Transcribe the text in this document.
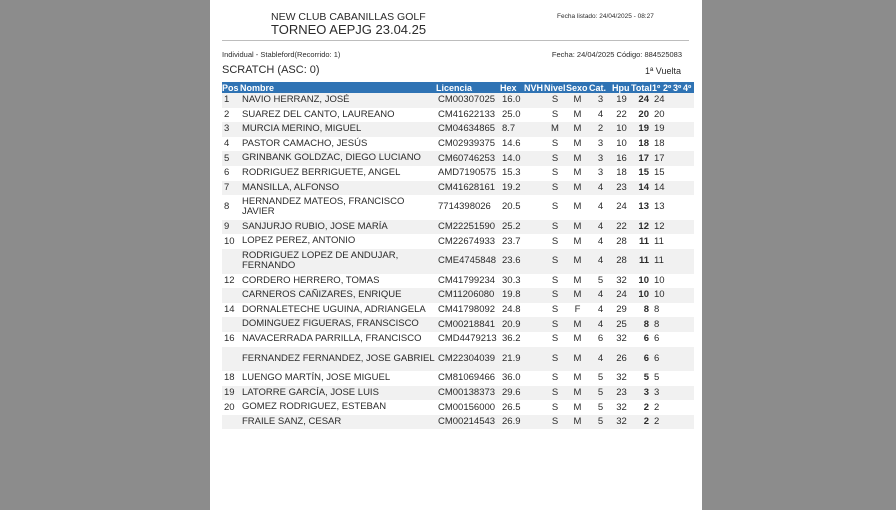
NEW CLUB CABANILLAS GOLF
TORNEO AEPJG 23.04.25
Fecha listado: 24/04/2025 - 08:27
Individual - Stableford(Recorrido: 1)	Fecha: 24/04/2025 Código: 884525083
SCRATCH (ASC: 0)	1ª Vuelta
Pos	Nombre	Licencia	Hex	NVH	Nivel	Sexo	Cat.	Hpu	Total	1º	2º	3º	4º
1	NAVIO HERRANZ, JOSÉ	CM00307025	16.0		S	M	3	19	24	24			
2	SUAREZ DEL CANTO, LAUREANO	CM41622133	25.0		S	M	4	22	20	20			
3	MURCIA MERINO, MIGUEL	CM04634865	8.7		M	M	2	10	19	19			
4	PASTOR CAMACHO, JESÚS	CM02939375	14.6		S	M	3	10	18	18			
5	GRINBANK GOLDZAC, DIEGO LUCIANO	CM60746253	14.0		S	M	3	16	17	17			
6	RODRIGUEZ BERRIGUETE, ANGEL	AMD7190575	15.3		S	M	3	18	15	15			
7	MANSILLA, ALFONSO	CM41628161	19.2		S	M	4	23	14	14			
8	HERNANDEZ MATEOS, FRANCISCO JAVIER	7714398026	20.5		S	M	4	24	13	13			
9	SANJURJO RUBIO, JOSE MARÍA	CM22251590	25.2		S	M	4	22	12	12			
10	LOPEZ PEREZ, ANTONIO	CM22674933	23.7		S	M	4	28	11	11			
	RODRIGUEZ LOPEZ DE ANDUJAR, FERNANDO	CME4745848	23.6		S	M	4	28	11	11			
12	CORDERO HERRERO, TOMAS	CM41799234	30.3		S	M	5	32	10	10			
	CARNEROS CAÑIZARES, ENRIQUE	CM11206080	19.8		S	M	4	24	10	10			
14	DORNALETECHE UGUINA, ADRIANGELA	CM41798092	24.8		S	F	4	29	8	8			
	DOMINGUEZ FIGUERAS, FRANSCISCO	CM00218841	20.9		S	M	4	25	8	8			
16	NAVACERRADA PARRILLA, FRANCISCO	CMD4479213	36.2		S	M	6	32	6	6			
	FERNANDEZ FERNANDEZ, JOSE GABRIEL	CM22304039	21.9		S	M	4	26	6	6			
18	LUENGO MARTÍN, JOSE MIGUEL	CM81069466	36.0		S	M	5	32	5	5			
19	LATORRE GARCÍA, JOSE LUIS	CM00138373	29.6		S	M	5	23	3	3			
20	GOMEZ RODRIGUEZ, ESTEBAN	CM00156000	26.5		S	M	5	32	2	2			
	FRAILE SANZ, CESAR	CM00214543	26.9		S	M	5	32	2	2			
